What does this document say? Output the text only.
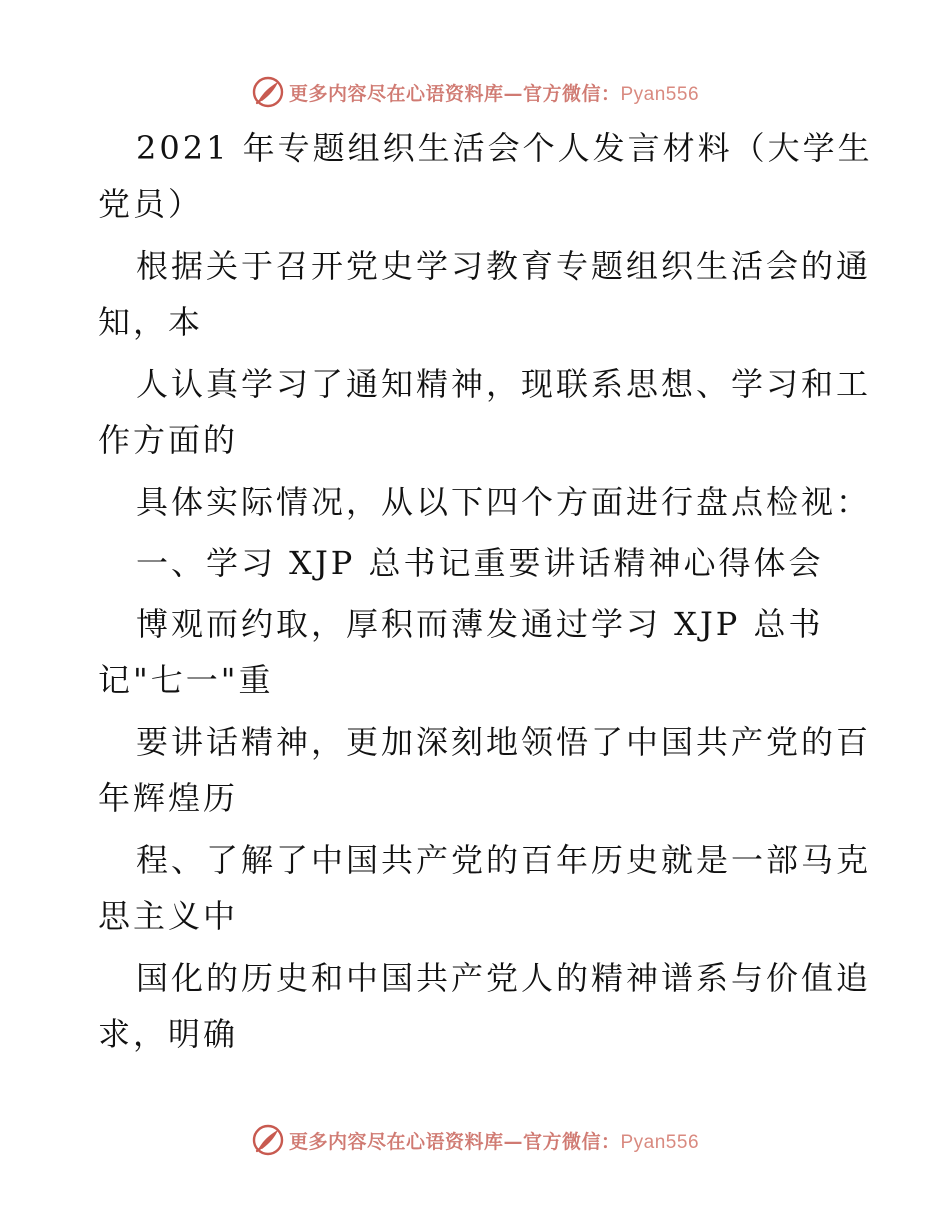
更多内容尽在心语资料库—官方微信：Pyan556
2021 年专题组织生活会个人发言材料（大学生
党员）
根据关于召开党史学习教育专题组织生活会的通
知，本
人认真学习了通知精神，现联系思想、学习和工
作方面的
具体实际情况，从以下四个方面进行盘点检视：
一、学习 XJP 总书记重要讲话精神心得体会
博观而约取，厚积而薄发通过学习 XJP 总书
记"七一"重
要讲话精神，更加深刻地领悟了中国共产党的百
年辉煌历
程、了解了中国共产党的百年历史就是一部马克
思主义中
国化的历史和中国共产党人的精神谱系与价值追
求，明确
更多内容尽在心语资料库—官方微信：Pyan556
